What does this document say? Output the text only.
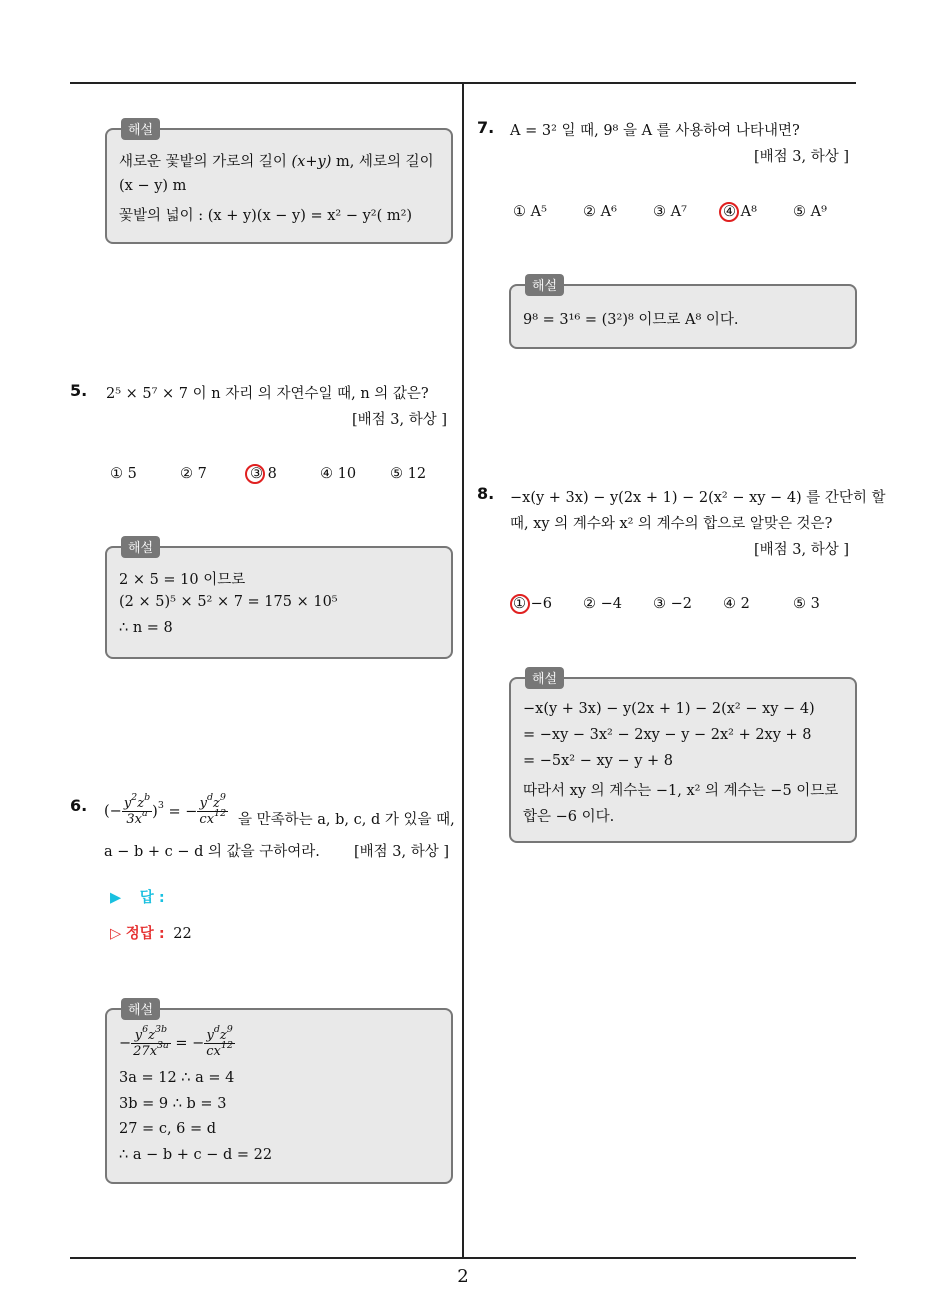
해설
새로운 꽃밭의 가로의 길이 (x+y) m, 세로의 길이
(x − y) m
꽃밭의 넓이 : (x + y)(x − y) = x² − y²( m²)
5. 2⁵ × 5⁷ × 7 이 n 자리 의 자연수일 때, n 의 값은?
[배점 3, 하상 ]
① 5	② 7	③ 8	④ 10 ⑤ 12
해설
2 × 5 = 10 이므로
(2 × 5)⁵ × 5² × 7 = 175 × 10⁵
∴ n = 8
6. (− $\frac{y^2z^b}{3x^a} )^3$ = − $\frac{y^dz^9}{cx^{12}}$ 을 만족하는 a, b, c, d 가 있을 때,
a − b + c − d 의 값을 구하여라. [배점 3, 하상 ]
▶ 답 :
▷ 정답 : 22
해설
− $\frac{y^6z^{3b}}{27x^{3a}}$ = − $\frac{y^dz^9}{cx^{12}}$
3a = 12 ∴ a = 4
3b = 9 ∴ b = 3
27 = c, 6 = d
∴ a − b + c − d = 22
7. A = 3² 일 때, 9⁸ 을 A 를 사용하여 나타내면?
[배점 3, 하상 ]
① A⁵ ② A⁶ ③ A⁷ ④ A⁸ ⑤ A⁹
해설
9⁸ = 3¹⁶ = (3²)⁸ 이므로 A⁸ 이다.
8. −x(y + 3x) − y(2x + 1) − 2(x² − xy − 4) 를 간단히 할
때, xy 의 계수와 x² 의 계수의 합으로 알맞은 것은?
[배점 3, 하상 ]
① −6 ② −4 ③ −2 ④ 2	⑤ 3
해설
−x(y + 3x) − y(2x + 1) − 2(x² − xy − 4)
= −xy − 3x² − 2xy − y − 2x² + 2xy + 8
= −5x² − xy − y + 8
따라서 xy 의 계수는 −1, x² 의 계수는 −5 이므로
합은 −6 이다.
2
